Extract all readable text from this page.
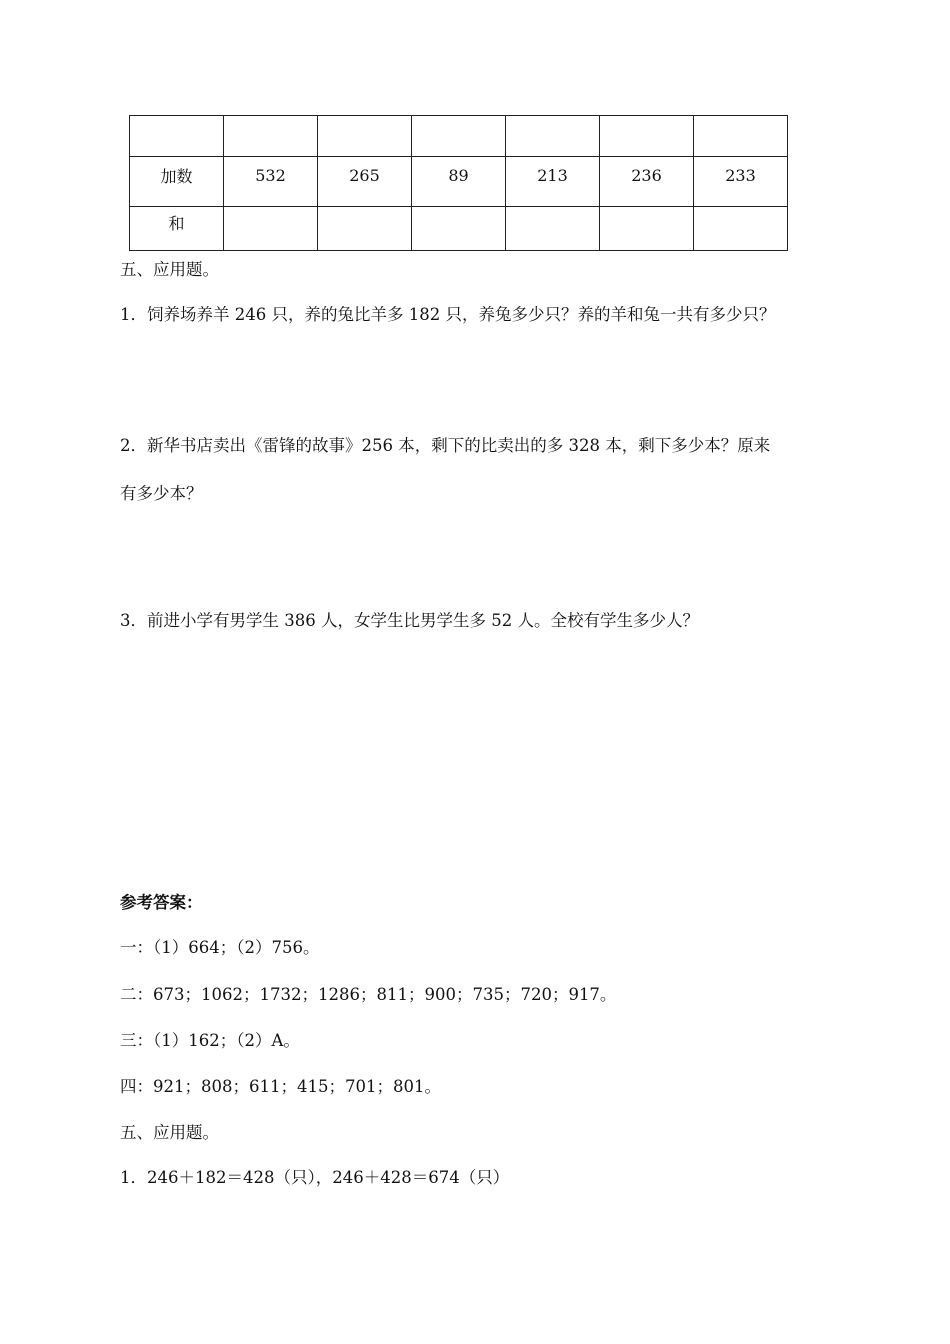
加数	532	265	89	213	236	233
和						
五、应用题。
1．饲养场养羊 246 只，养的兔比羊多 182 只，养兔多少只？养的羊和兔一共有多少只？
2．新华书店卖出《雷锋的故事》256 本，剩下的比卖出的多 328 本，剩下多少本？原来
有多少本？
3．前进小学有男学生 386 人，女学生比男学生多 52 人。全校有学生多少人？
参考答案：
一：（1）664；（2）756。
二：673；1062；1732；1286；811；900；735；720；917。
三：（1）162；（2）A。
四：921；808；611；415；701；801。
五、应用题。
1．246＋182＝428（只），246＋428＝674（只）
